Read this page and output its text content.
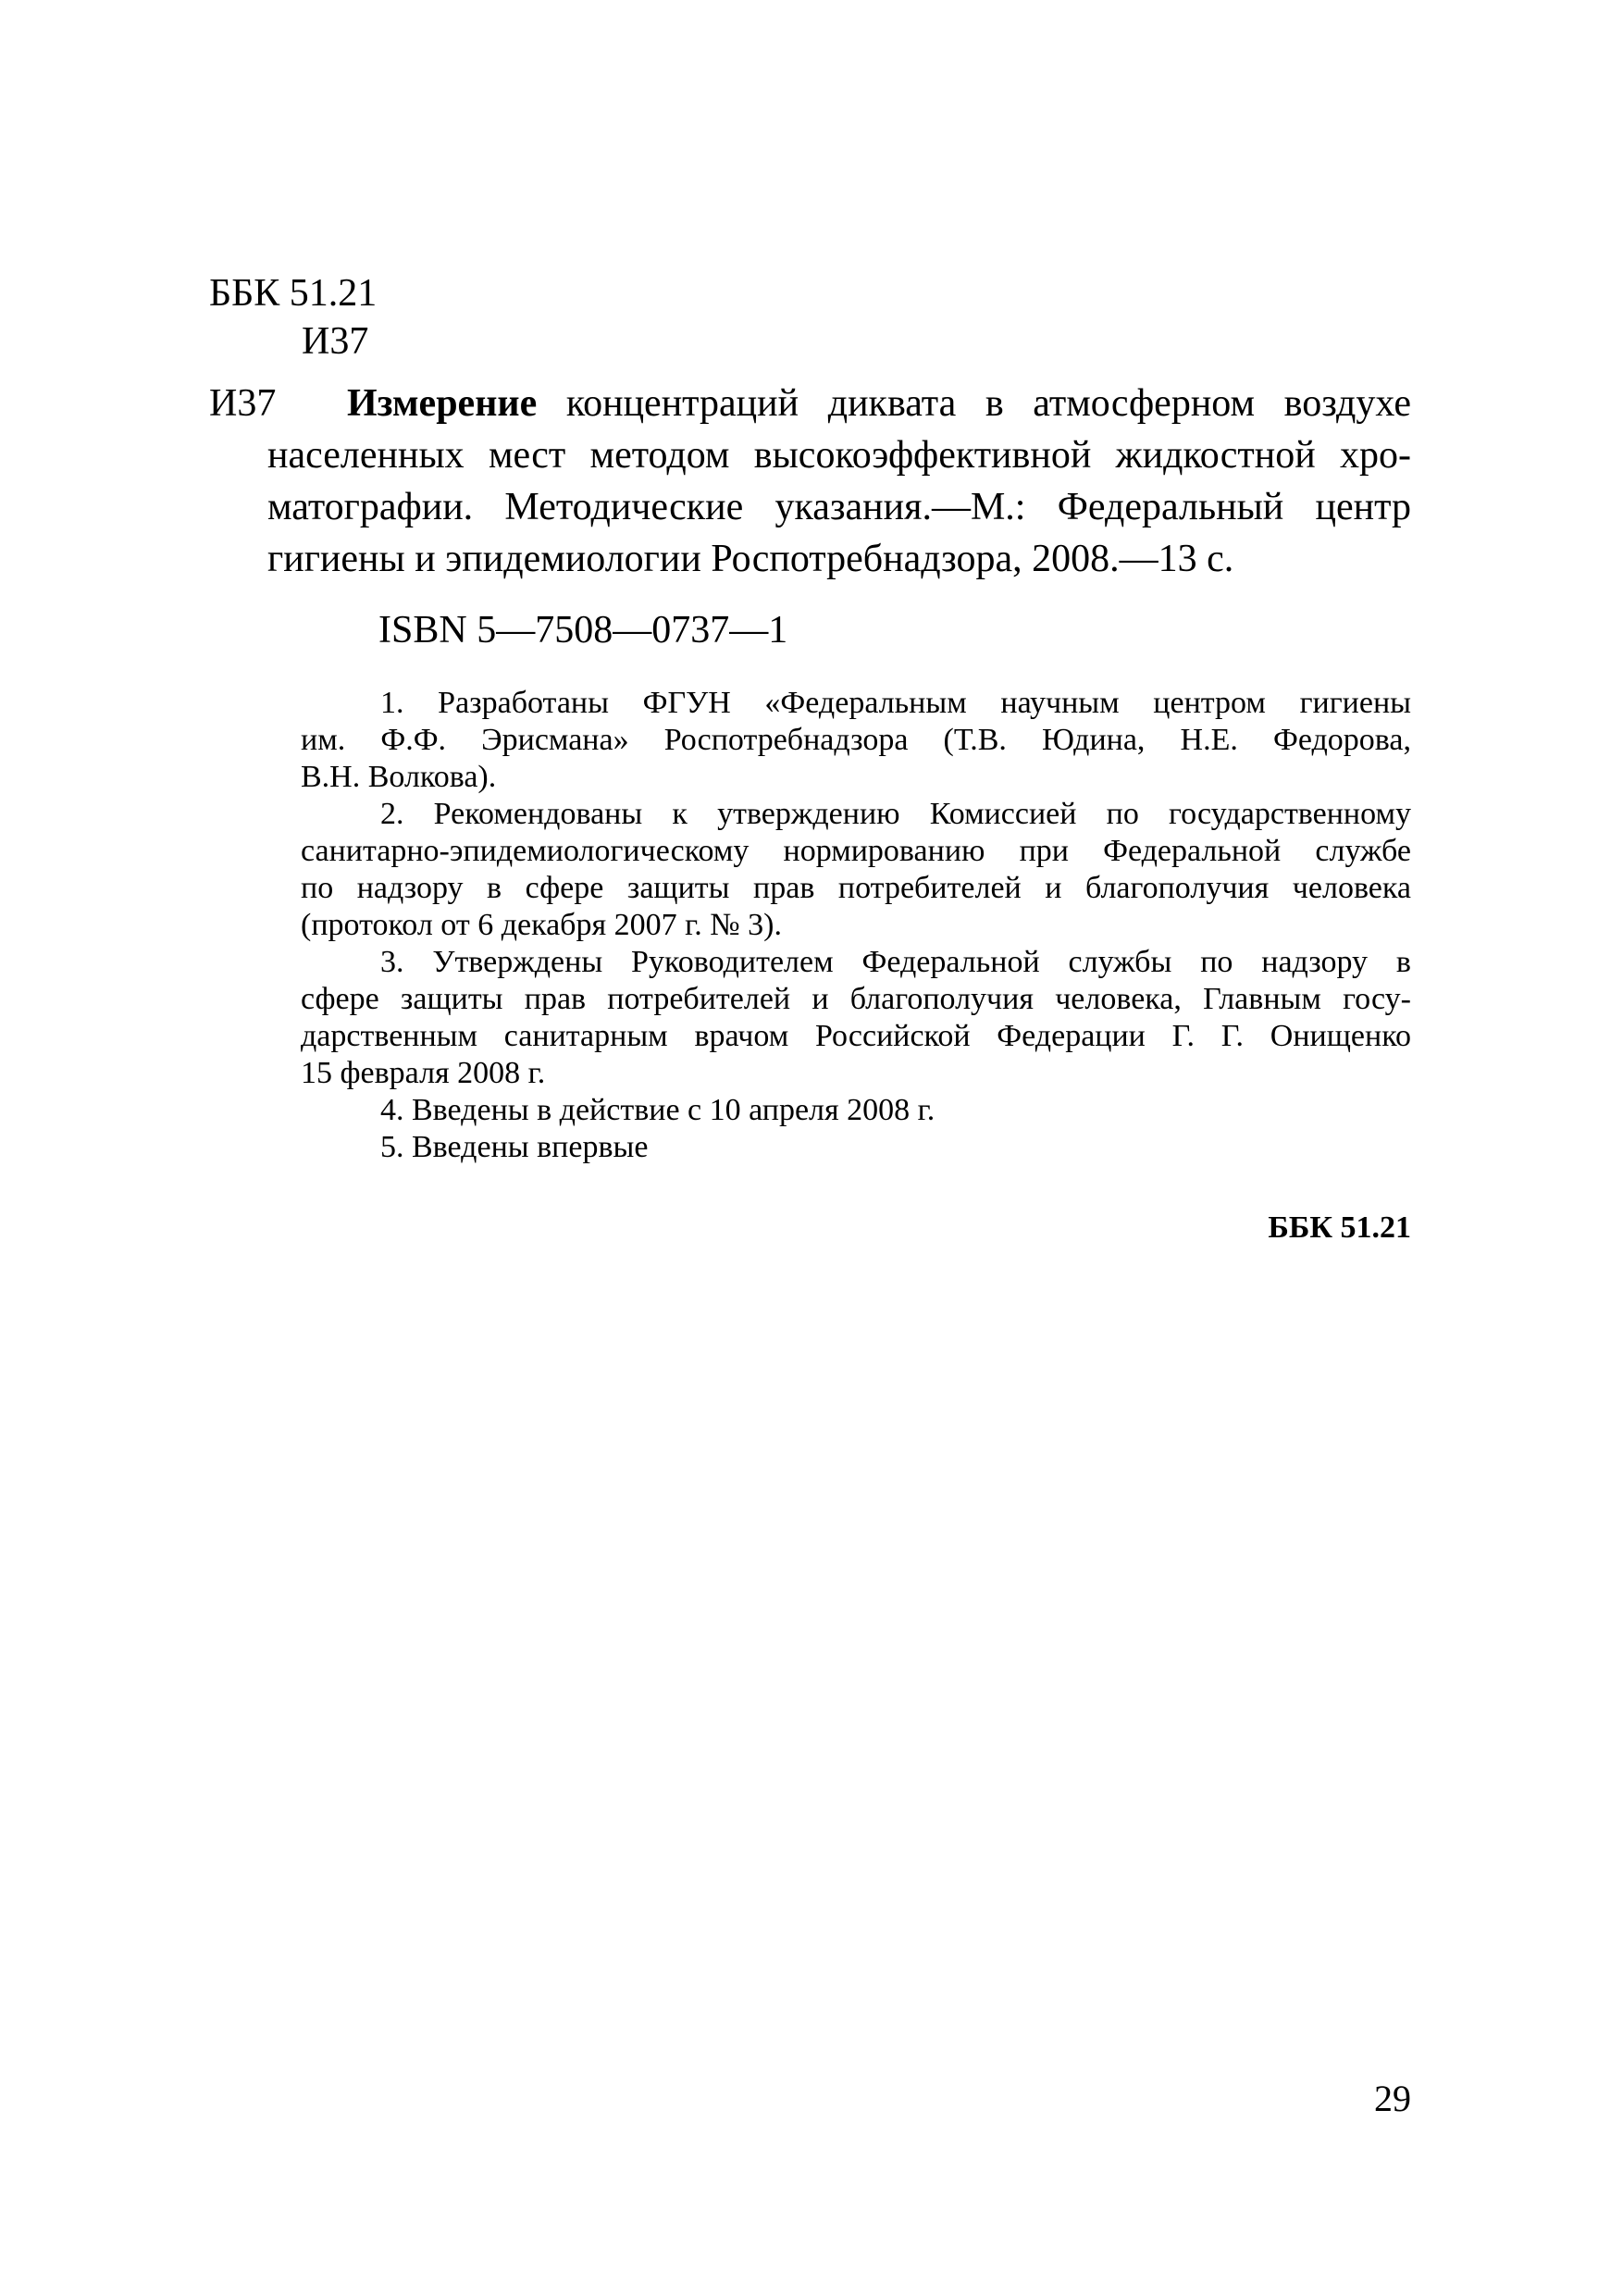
ББК 51.21
И37
И37	Измерение концентраций диквата в атмосферном воздухе
населенных мест методом высокоэффективной жидкостной хро-
матографии. Методические указания.—М.: Федеральный центр
гигиены и эпидемиологии Роспотребнадзора, 2008.—13 с.
ISBN 5—7508—0737—1

1. Разработаны ФГУН «Федеральным научным центром гигиены
им. Ф.Ф. Эрисмана» Роспотребнадзора (Т.В. Юдина, Н.Е. Федорова,
В.Н. Волкова).

2. Рекомендованы к утверждению Комиссией по государственному
санитарно-эпидемиологическому нормированию при Федеральной службе
по надзору в сфере защиты прав потребителей и благополучия человека
(протокол от 6 декабря 2007 г. № 3).

3. Утверждены Руководителем Федеральной службы по надзору в
сфере защиты прав потребителей и благополучия человека, Главным госу-
дарственным санитарным врачом Российской Федерации Г. Г. Онищенко
15 февраля 2008 г.

4. Введены в действие с 10 апреля 2008 г.

5. Введены впервые

ББК 51.21
29
